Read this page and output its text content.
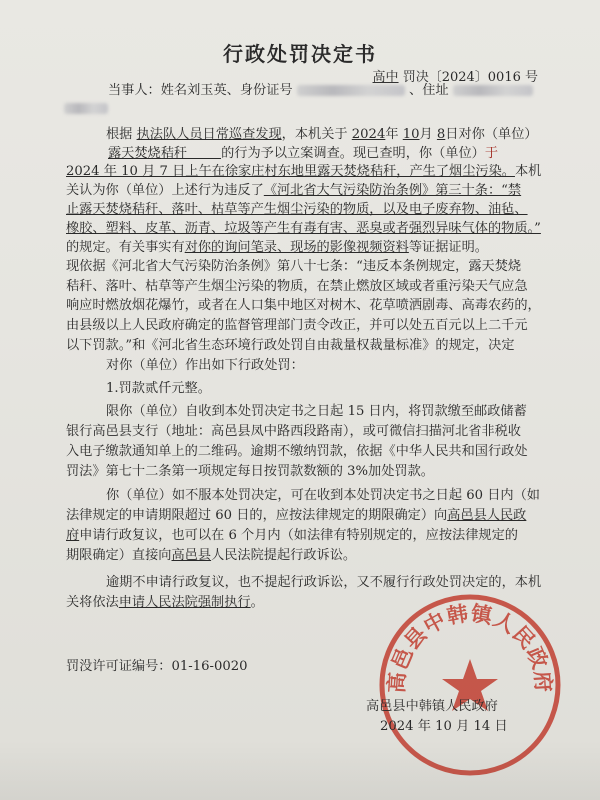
行政处罚决定书
高中 罚决〔2024〕0016 号
当事人：姓名刘玉英、身份证号	、住址
根据 执法队人员日常巡查发现，本机关于 2024年 10月 8日对你（单位）
露天焚烧秸秆	的行为予以立案调查。现已查明，你（单位）于
2024 年 10 月 7 日上午在徐家庄村东地里露天焚烧秸秆，产生了烟尘污染。本机
关认为你（单位）上述行为违反了《河北省大气污染防治条例》第三十条：“禁
止露天焚烧秸秆、落叶、枯草等产生烟尘污染的物质，以及电子废弃物、油毡、
橡胶、塑料、皮革、沥青、垃圾等产生有毒有害、恶臭或者强烈异味气体的物质。”
的规定。有关事实有对你的询问笔录、现场的影像视频资料等证据证明。
现依据《河北省大气污染防治条例》第八十七条：“违反本条例规定，露天焚烧
秸秆、落叶、枯草等产生烟尘污染的物质，在禁止燃放区域或者重污染天气应急
响应时燃放烟花爆竹，或者在人口集中地区对树木、花草喷洒剧毒、高毒农药的，
由县级以上人民政府确定的监督管理部门责令改正，并可以处五百元以上二千元
以下罚款。”和《河北省生态环境行政处罚自由裁量权裁量标准》的规定，决定
对你（单位）作出如下行政处罚：
1.罚款贰仟元整。
限你（单位）自收到本处罚决定书之日起 15 日内，将罚款缴至邮政储蓄
银行高邑县支行（地址：高邑县凤中路西段路南），或可微信扫描河北省非税收
入电子缴款通知单上的二维码。逾期不缴纳罚款，依据《中华人民共和国行政处
罚法》第七十二条第一项规定每日按罚款数额的 3%加处罚款。
你（单位）如不服本处罚决定，可在收到本处罚决定书之日起 60 日内（如
法律规定的申请期限超过 60 日的，应按法律规定的期限确定）向高邑县人民政
府申请行政复议，也可以在 6 个月内（如法律有特别规定的，应按法律规定的
期限确定）直接向高邑县人民法院提起行政诉讼。
逾期不申请行政复议，也不提起行政诉讼，又不履行行政处罚决定的，本机
关将依法申请人民法院强制执行。
罚没许可证编号：01-16-0020
高邑县中韩镇人民政府
高邑县中韩镇人民政府
2024 年 10 月 14 日
